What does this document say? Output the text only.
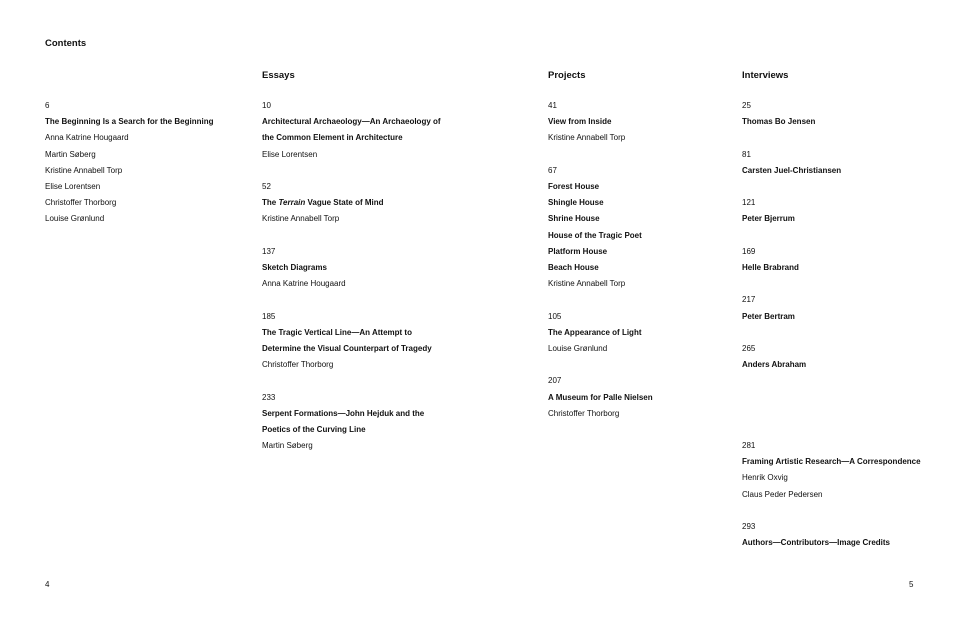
Contents
6
The Beginning Is a Search for the Beginning
Anna Katrine Hougaard
Martin Søberg
Kristine Annabell Torp
Elise Lorentsen
Christoffer Thorborg
Louise Grønlund
Essays
10
Architectural Archaeology—An Archaeology of
the Common Element in Architecture
Elise Lorentsen
52
The Terrain Vague State of Mind
Kristine Annabell Torp
137
Sketch Diagrams
Anna Katrine Hougaard
185
The Tragic Vertical Line—An Attempt to
Determine the Visual Counterpart of Tragedy
Christoffer Thorborg
233
Serpent Formations—John Hejduk and the
Poetics of the Curving Line
Martin Søberg
Projects
41
View from Inside
Kristine Annabell Torp
67
Forest House
Shingle House
Shrine House
House of the Tragic Poet
Platform House
Beach House
Kristine Annabell Torp
105
The Appearance of Light
Louise Grønlund
207
A Museum for Palle Nielsen
Christoffer Thorborg
Interviews
25
Thomas Bo Jensen
81
Carsten Juel-Christiansen
121
Peter Bjerrum
169
Helle Brabrand
217
Peter Bertram
265
Anders Abraham
281
Framing Artistic Research—A Correspondence
Henrik Oxvig
Claus Peder Pedersen
293
Authors—Contributors—Image Credits
4	5
